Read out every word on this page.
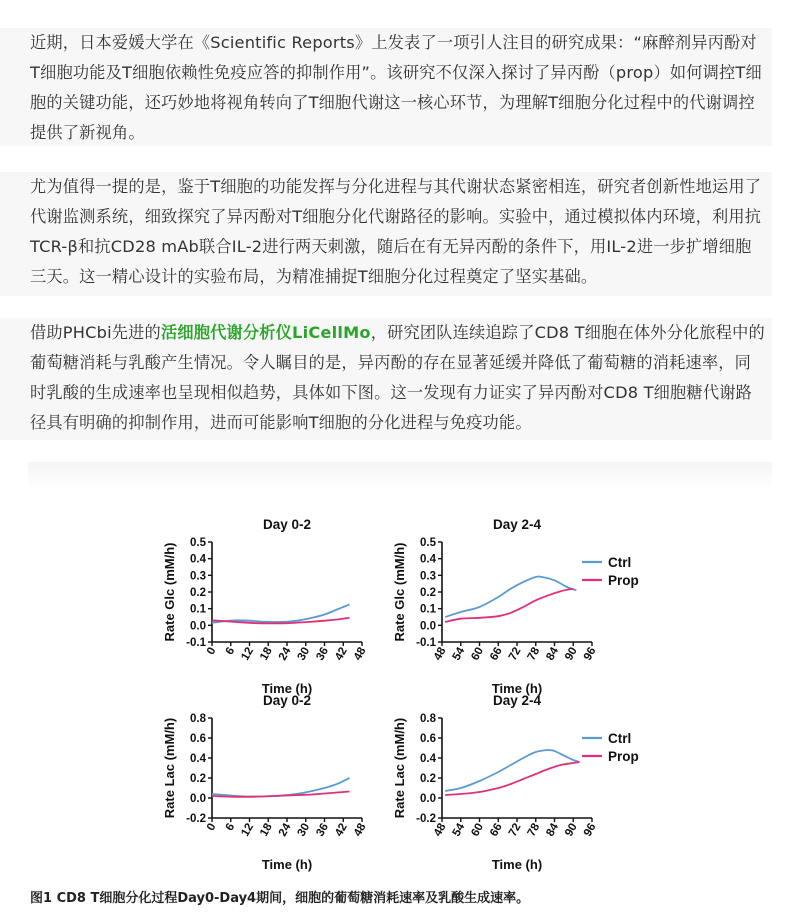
近期，日本爱媛大学在《Scientific Reports》上发表了一项引人注目的研究成果：“麻醉剂异丙酚对T细胞功能及T细胞依赖性免疫应答的抑制作用”。该研究不仅深入探讨了异丙酚（prop）如何调控T细胞的关键功能，还巧妙地将视角转向了T细胞代谢这一核心环节，为理解T细胞分化过程中的代谢调控提供了新视角。
尤为值得一提的是，鉴于T细胞的功能发挥与分化进程与其代谢状态紧密相连，研究者创新性地运用了代谢监测系统，细致探究了异丙酚对T细胞分化代谢路径的影响。实验中，通过模拟体内环境，利用抗TCR-β和抗CD28 mAb联合IL-2进行两天刺激，随后在有无异丙酚的条件下，用IL-2进一步扩增细胞三天。这一精心设计的实验布局，为精准捕捉T细胞分化过程奠定了坚实基础。
借助PHCbi先进的活细胞代谢分析仪LiCellMo，研究团队连续追踪了CD8 T细胞在体外分化旅程中的葡萄糖消耗与乳酸产生情况。令人瞩目的是，异丙酚的存在显著延缓并降低了葡萄糖的消耗速率，同时乳酸的生成速率也呈现相似趋势，具体如下图。这一发现有力证实了异丙酚对CD8 T细胞糖代谢路径具有明确的抑制作用，进而可能影响T细胞的分化进程与免疫功能。
Day 0-2
0.5
0.4
0.3
0.2
0.1
0.0
-0.1
0 6 12 18 24 30 36 42 48
Time (h)
Rate Glc (mM/h)
Day 2-4
0.5
0.4
0.3
0.2
0.1
0.0
-0.1
48 54 60 66 72 78 84 90 96
Time (h)
Rate Glc (mM/h)	Ctrl
Prop
Day 0-2
0.8
0.6
0.4
0.2
0.0
-0.2
0 6 12 18 24 30 36 42 48
Time (h)
Rate Lac (mM/h)
Day 2-4
0.8
0.6
0.4
0.2
0.0
-0.2
48 54 60 66 72 78 84 90 96
Time (h)
Rate Lac (mM/h)	Ctrl
Prop
图1 CD8 T细胞分化过程Day0-Day4期间，细胞的葡萄糖消耗速率及乳酸生成速率。
